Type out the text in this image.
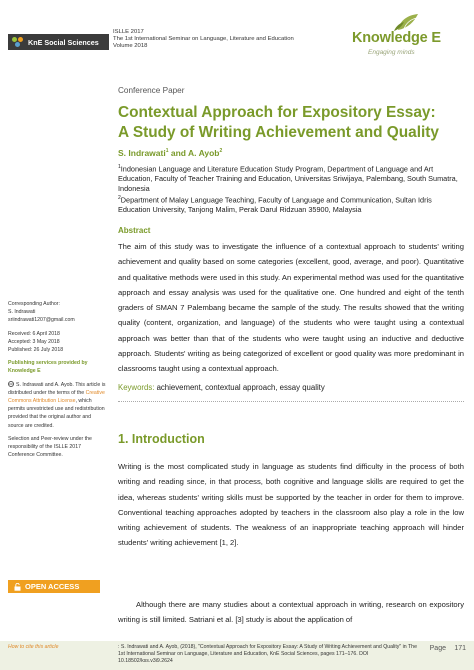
KnE Social Sciences
ISLLE 2017
The 1st International Seminar on Language, Literature and Education
Volume 2018	Knowledge E
Engaging minds
Conference Paper
Contextual Approach for Expository Essay:
A Study of Writing Achievement and Quality
S. Indrawati$^1$ and A. Ayob$^2$
$^1$Indonesian Language and Literature Education Study Program, Department of Language and Art Education, Faculty of Teacher Training and Education, Universitas Sriwijaya, Palembang, South Sumatra, Indonesia
$^2$Department of Malay Language Teaching, Faculty of Language and Communication, Sultan Idris Education University, Tanjong Malim, Perak Darul Ridzuan 35900, Malaysia
Abstract
The aim of this study was to investigate the influence of a contextual approach to students' writing achievement and quality based on some categories (excellent, good, average, and poor). Quantitative and qualitative methods were used in this study. An experimental method was used for the quantitative approach and essay analysis was used for the qualitative one. One hundred and eight of the tenth graders of SMAN 7 Palembang became the sample of the study. The results showed that the writing quality (content, organization, and language) of the students who were taught using a contextual approach was better than that of the students who were taught using an inductive and deductive approach. Students' writing as being categorized of excellent or good quality was more predominant in classrooms taught using a contextual approach.
Keywords: achievement, contextual approach, essay quality
1. Introduction
Writing is the most complicated study in language as students find difficulty in the process of both writing and reading since, in that process, both cognitive and language skills are required to get the idea, whereas students' writing skills must be supported by the teacher in order for them to improve. Conventional teaching approaches adopted by teachers in the classroom also play a role in the low writing achievement of students. The weakness of an inappropriate teaching approach will hinder students' writing achievement [1, 2].
Although there are many studies about a contextual approach in writing, research on expository writing is still limited. Satriani et al. [3] study is about the application of
Corresponding Author:
S. Indrawati
sriindrawati1207@gmail.com
Received: 6 April 2018
Accepted: 3 May 2018
Published: 26 July 2018
Publishing services provided by Knowledge E
cc S. Indrawati and A. Ayob. This article is distributed under the terms of the Creative Commons Attribution License, which permits unrestricted use and redistribution provided that the original author and source are credited.
Selection and Peer-review under the responsibility of the ISLLE 2017 Conference Committee.
OPEN ACCESS
How to cite this article	: S. Indrawati and A. Ayob, (2018), "Contextual Approach for Expository Essay: A Study of Writing Achievement and Quality" in The 1st International Seminar on Language, Literature and Education, KnE Social Sciences, pages 171–176. DOI 10.18502/kss.v3i9.2624
Page 171
